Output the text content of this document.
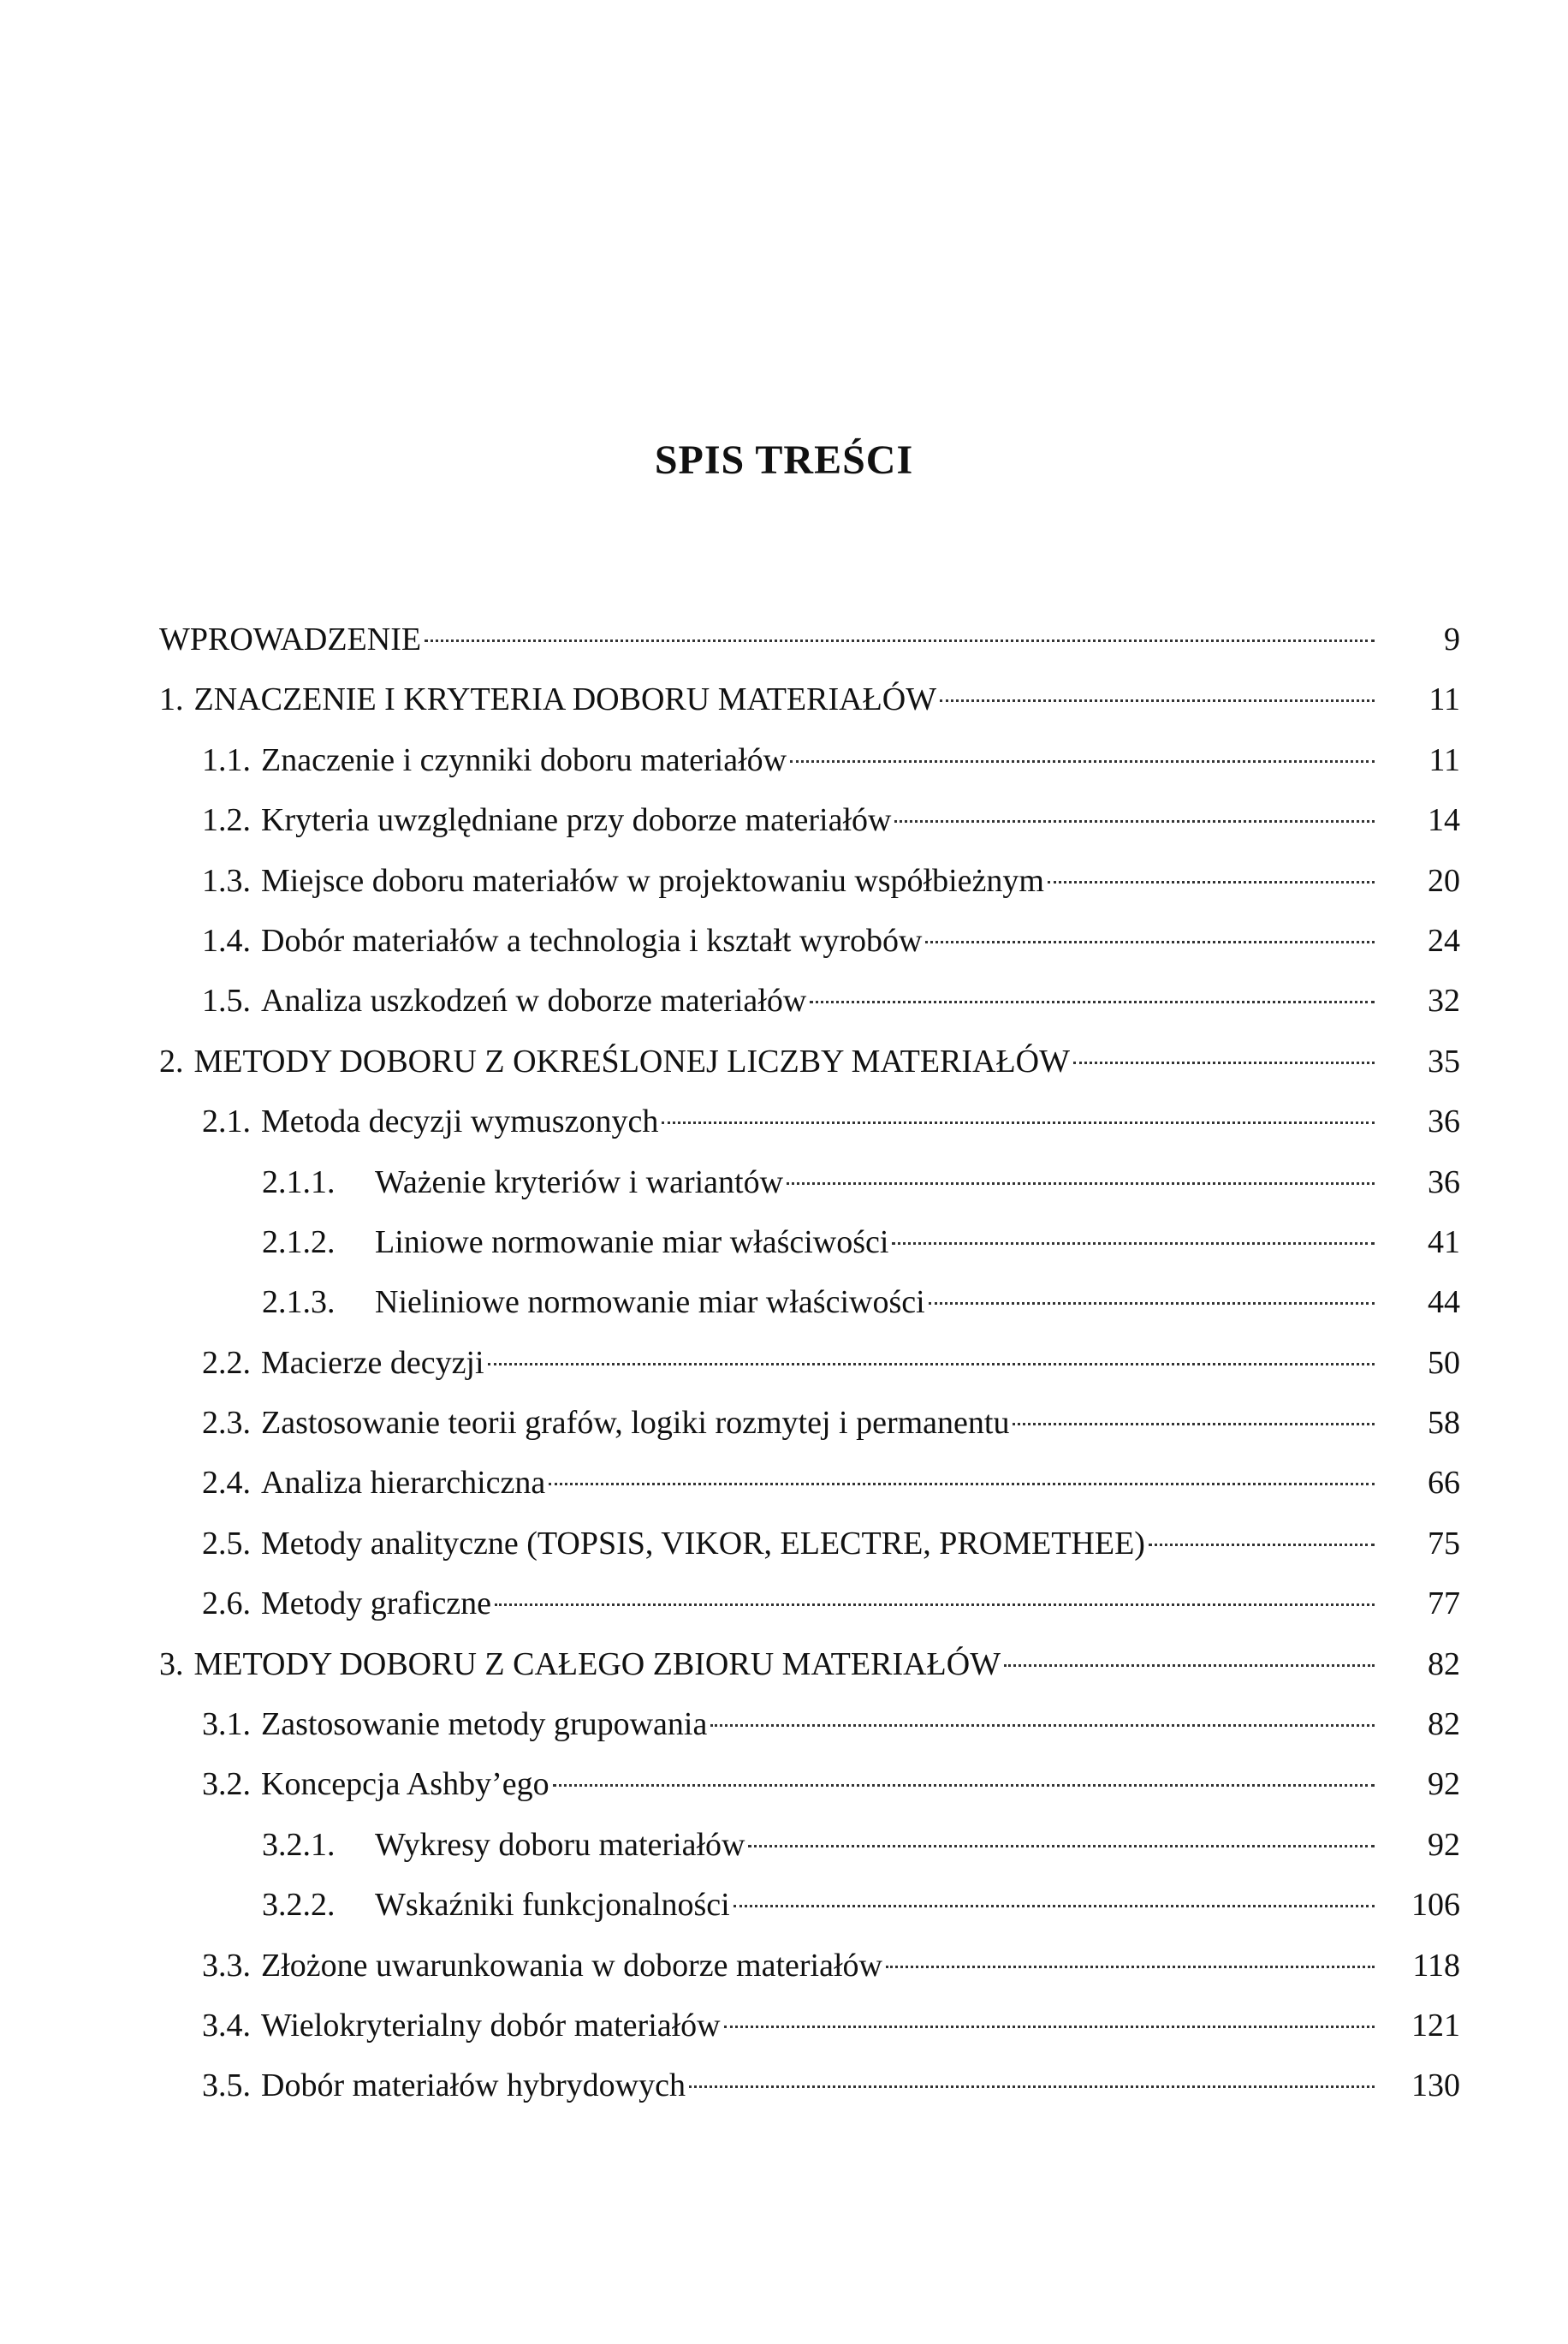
SPIS TREŚCI
WPROWADZENIE	9
1. ZNACZENIE I KRYTERIA DOBORU MATERIAŁÓW	11
1.1. Znaczenie i czynniki doboru materiałów	11
1.2. Kryteria uwzględniane przy doborze materiałów	14
1.3. Miejsce doboru materiałów w projektowaniu współbieżnym	20
1.4. Dobór materiałów a technologia i kształt wyrobów	24
1.5. Analiza uszkodzeń w doborze materiałów	32
2. METODY DOBORU Z OKREŚLONEJ LICZBY MATERIAŁÓW	35
2.1. Metoda decyzji wymuszonych	36
2.1.1.	Ważenie kryteriów i wariantów	36
2.1.2.	Liniowe normowanie miar właściwości	41
2.1.3.	Nieliniowe normowanie miar właściwości	44
2.2. Macierze decyzji	50
2.3. Zastosowanie teorii grafów, logiki rozmytej i permanentu	58
2.4. Analiza hierarchiczna	66
2.5. Metody analityczne (TOPSIS, VIKOR, ELECTRE, PROMETHEE)	75
2.6. Metody graficzne	77
3. METODY DOBORU Z CAŁEGO ZBIORU MATERIAŁÓW	82
3.1. Zastosowanie metody grupowania	82
3.2. Koncepcja Ashby’ego	92
3.2.1.	Wykresy doboru materiałów	92
3.2.2.	Wskaźniki funkcjonalności	106
3.3. Złożone uwarunkowania w doborze materiałów	118
3.4. Wielokryterialny dobór materiałów	121
3.5. Dobór materiałów hybrydowych	130
